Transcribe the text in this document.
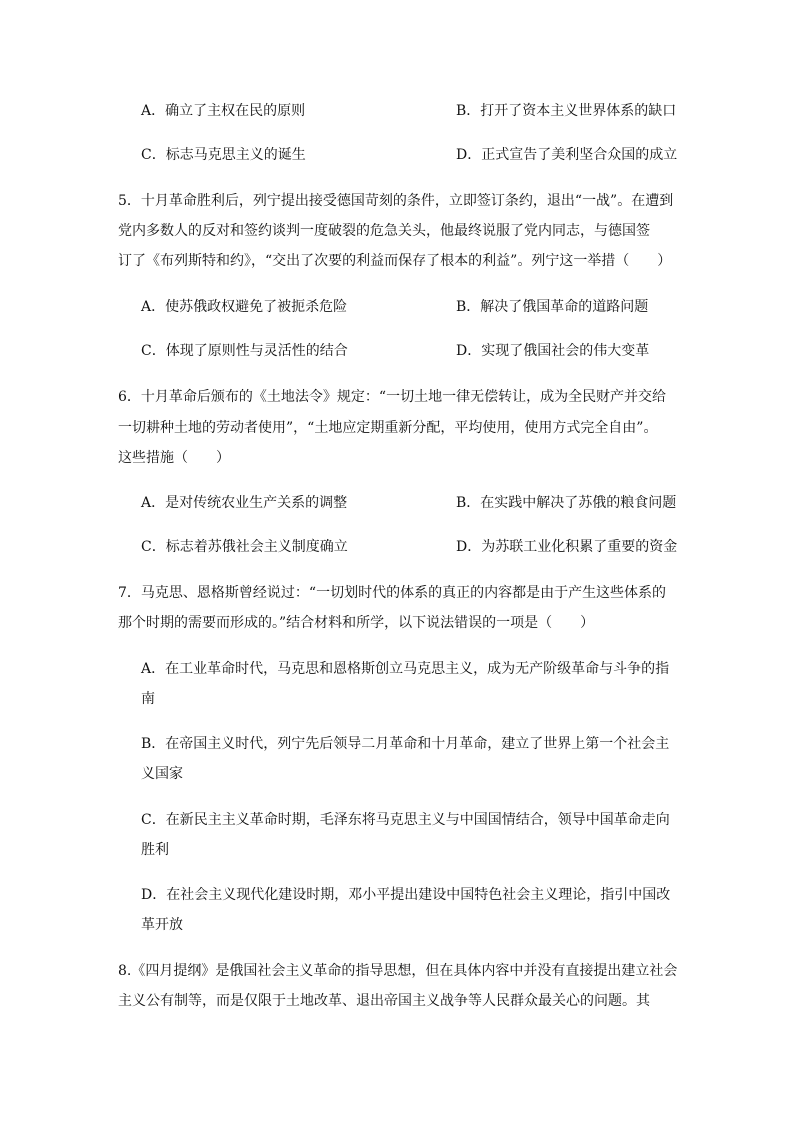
A．确立了主权在民的原则	B．打开了资本主义世界体系的缺口
C．标志马克思主义的诞生	D．正式宣告了美利坚合众国的成立
5．十月革命胜利后，列宁提出接受德国苛刻的条件，立即签订条约，退出“一战”。在遭到
党内多数人的反对和签约谈判一度破裂的危急关头，他最终说服了党内同志，与德国签
订了《布列斯特和约》，“交出了次要的利益而保存了根本的利益”。列宁这一举措（　　）
A．使苏俄政权避免了被扼杀危险	B．解决了俄国革命的道路问题
C．体现了原则性与灵活性的结合	D．实现了俄国社会的伟大变革
6．十月革命后颁布的《土地法令》规定：“一切土地一律无偿转让，成为全民财产并交给
一切耕种土地的劳动者使用”，“土地应定期重新分配，平均使用，使用方式完全自由”。
这些措施（　　）
A．是对传统农业生产关系的调整	B．在实践中解决了苏俄的粮食问题
C．标志着苏俄社会主义制度确立	D．为苏联工业化积累了重要的资金
7．马克思、恩格斯曾经说过：“一切划时代的体系的真正的内容都是由于产生这些体系的
那个时期的需要而形成的。”结合材料和所学，以下说法错误的一项是（　　）
A．在工业革命时代，马克思和恩格斯创立马克思主义，成为无产阶级革命与斗争的指
南
B．在帝国主义时代，列宁先后领导二月革命和十月革命，建立了世界上第一个社会主
义国家
C．在新民主主义革命时期，毛泽东将马克思主义与中国国情结合，领导中国革命走向
胜利
D．在社会主义现代化建设时期，邓小平提出建设中国特色社会主义理论，指引中国改
革开放
8.《四月提纲》是俄国社会主义革命的指导思想，但在具体内容中并没有直接提出建立社会
主义公有制等，而是仅限于土地改革、退出帝国主义战争等人民群众最关心的问题。其
